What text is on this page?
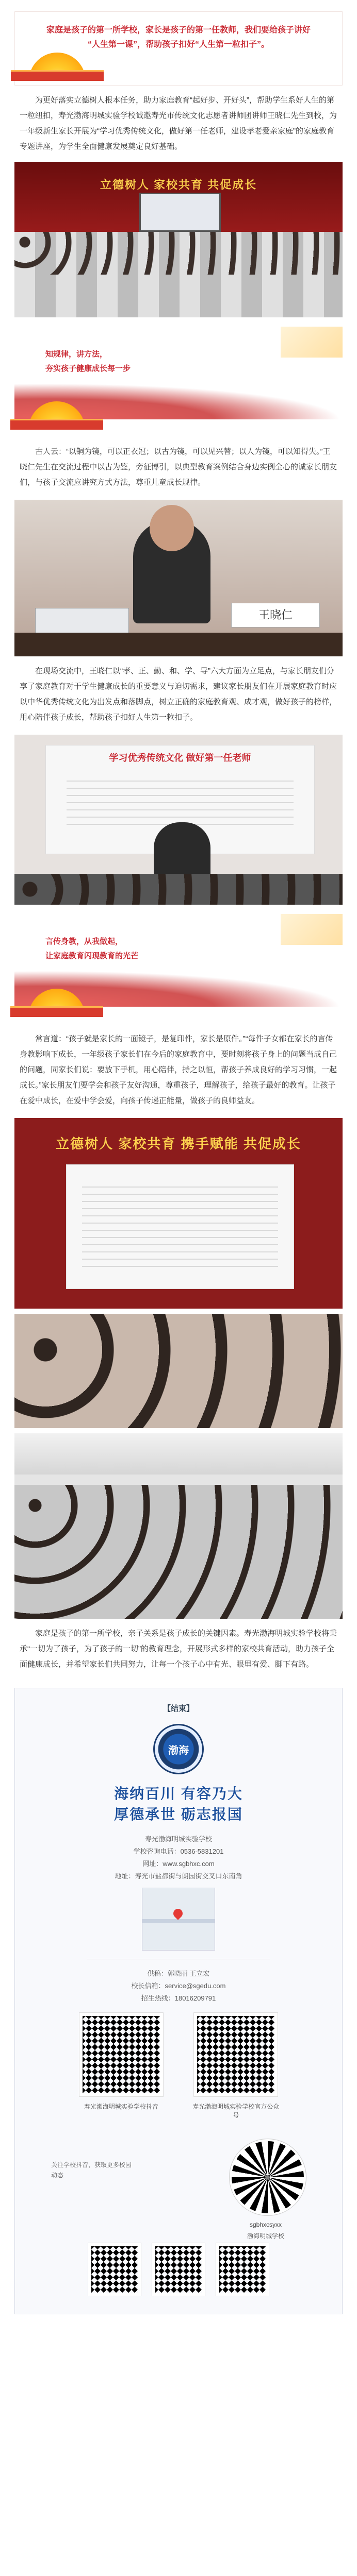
家庭是孩子的第一所学校，家长是孩子的第一任教师，我们要给孩子讲好
“人生第一课”，帮助孩子扣好“人生第一粒扣子”。

为更好落实立德树人根本任务，助力家庭教育“起好步、开好头”，帮助学生系好人生的第一粒纽扣，寿光渤海明城实验学校诚邀寿光市传统文化志愿者讲师团讲师王晓仁先生到校，为一年级新生家长开展为“学习优秀传统文化，做好第一任老师，建设孝老爱亲家庭”的家庭教育专题讲座，为学生全面健康发展奠定良好基础。

立德树人 家校共育 共促成长
知规律，讲方法，
夯实孩子健康成长每一步

古人云：“以铜为镜，可以正衣冠；以古为镜，可以见兴替；以人为镜，可以知得失。”王晓仁先生在交流过程中以古为鉴，旁征博引，以典型教育案例结合身边实例全心的诚家长朋友们，与孩子交流应讲究方式方法，尊重儿童成长规律。

王晓仁

在现场交流中，王晓仁以“孝、正、勤、和、学、导”六大方面为立足点，与家长朋友们分享了家庭教育对于学生健康成长的重要意义与迫切需求，建议家长朋友们在开展家庭教育时应以中华优秀传统文化为出发点和落脚点，树立正确的家庭教育观、成才观，做好孩子的榜样，用心陪伴孩子成长，帮助孩子扣好人生第一粒扣子。

学习优秀传统文化 做好第一任老师
言传身教，从我做起，
让家庭教育闪现教育的光芒

常言道：“孩子就是家长的一面镜子，是复印件，家长是原件。”“每件子女都在家长的言传身教影响下成长，一年级孩子家长们在今后的家庭教育中，要时刻将孩子身上的问题当成自己的问题，同家长们说：要放下手机，用心陪伴，持之以恒，帮孩子养成良好的学习习惯，一起成长。”家长朋友们要学会和孩子友好沟通，尊重孩子，理解孩子，给孩子最好的教育。让孩子在爱中成长，在爱中学会爱，向孩子传递正能量，做孩子的良师益友。

立德树人 家校共育 携手赋能 共促成长

家庭是孩子的第一所学校，亲子关系是孩子成长的关键因素。寿光渤海明城实验学校将秉承“一切为了孩子，为了孩子的一切”的教育理念，开展形式多样的家校共育活动，助力孩子全面健康成长，并希望家长们共同努力，让每一个孩子心中有光、眼里有爱、脚下有路。

【结束】
渤海
海纳百川 有容乃大
厚德承世 砺志报国
寿光渤海明城实验学校
学校咨询电话：0536-5831201
网址：www.sgbhxc.com
地址：寿光市盐都街与朗园街交叉口东南角
供稿：郭晓丽 王立宏
校长信箱：service@sgedu.com
招生热线：18016209791
寿光渤海明城实验学校抖音
	寿光渤海明城实验学校官方公众号
关注学校抖音，获取更多校园动态
sgbhxcsyxx
渤海明城学校
